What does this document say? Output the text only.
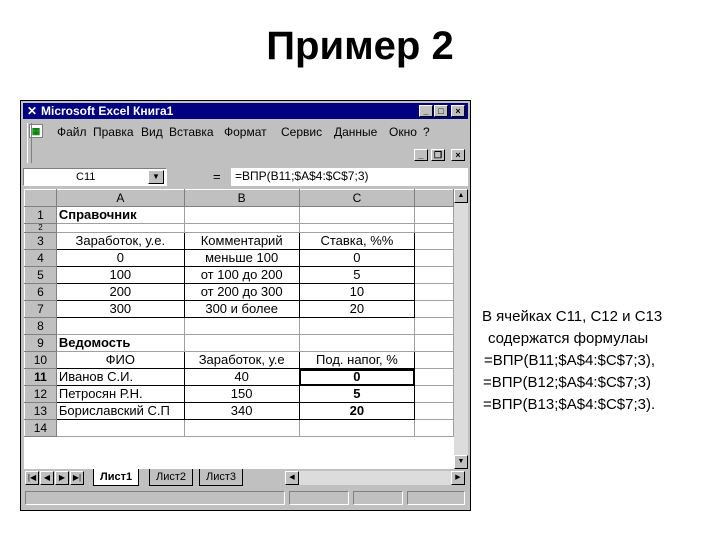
Пример 2
✕ Microsoft Excel Книга1	_	□	×
▦ Файл Правка Вид Вставка Формат Сервис Данные Окно ?
_	❐	×
C11	▼	=	=ВПР(B11;$A$4:$C$7;3)
	A	B	C	
1	Справочник			
2				
3	Заработок, у.е.	Комментарий	Ставка, %%	
4	0	меньше 100	0	
5	100	от 100 до 200	5	
6	200	от 200 до 300	10	
7	300	300 и более	20	
8				
9	Ведомость			
10	ФИО	Заработок, у.е	Под. напог, %	
11	Иванов С.И.	40	0	
12	Петросян Р.Н.	150	5	
13	Бориславский С.П	340	20	
14				
▲
▼
|◀ ◀	▶ ▶|	Лист1	Лист2	Лист3	◀	▶
В ячейках С11, С12 и С13
содержатся формулаы
=ВПР(B11;$A$4:$C$7;3),
=ВПР(B12;$A$4:$C$7;3)
=ВПР(B13;$A$4:$C$7;3).
